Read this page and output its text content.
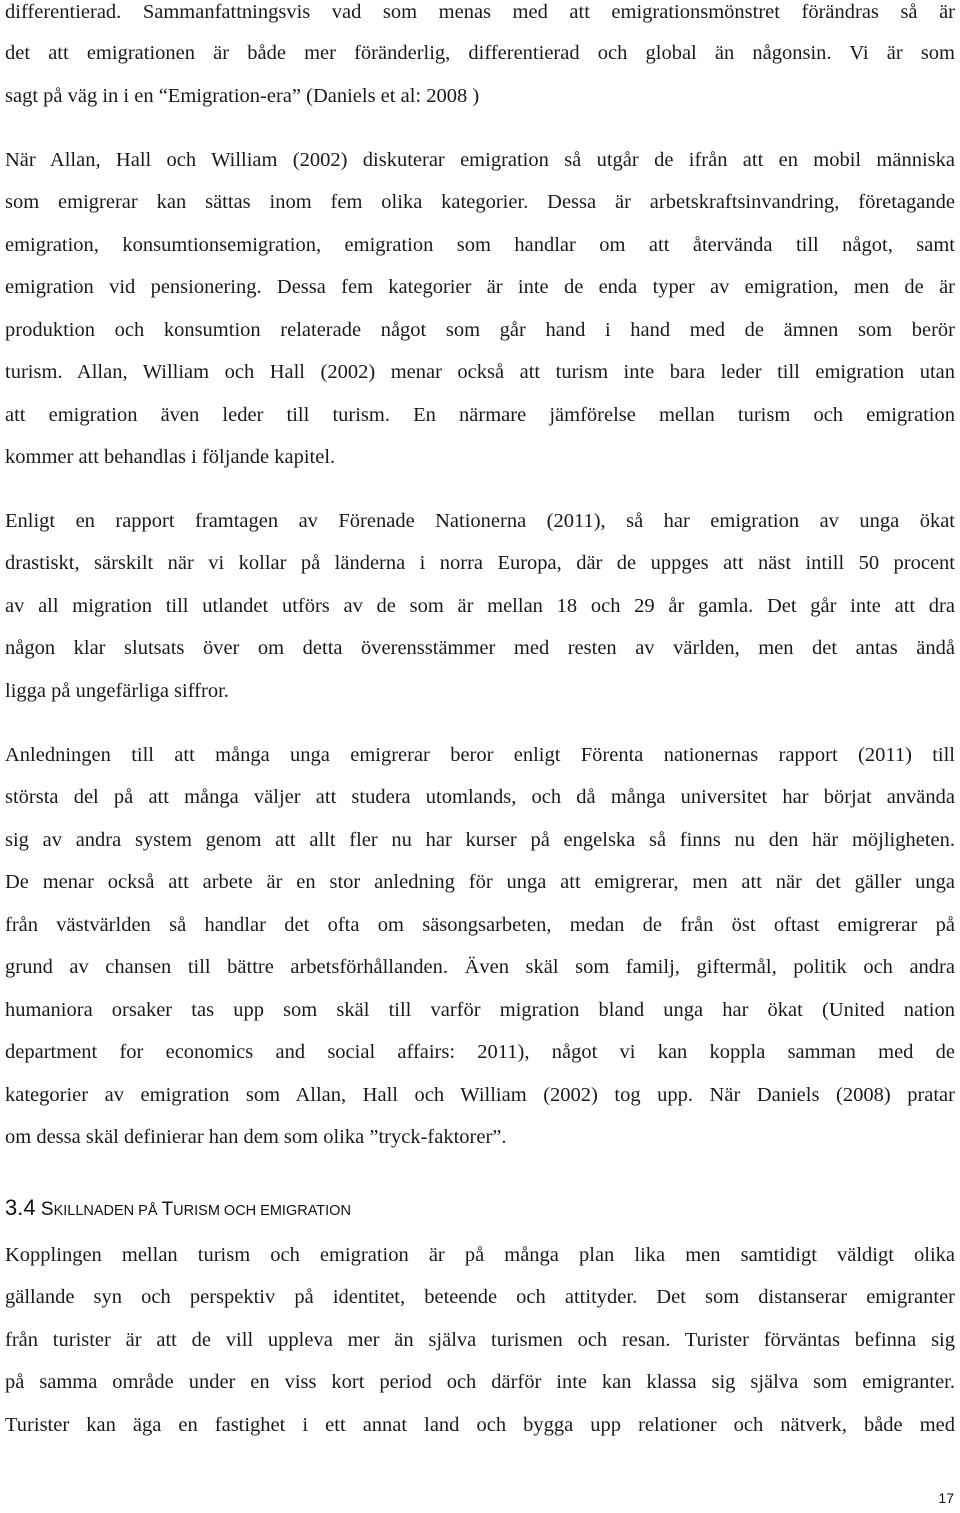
differentierad. Sammanfattningsvis vad som menas med att emigrationsmönstret förändras så är
det att emigrationen är både mer föränderlig, differentierad och global än någonsin. Vi är som
sagt på väg in i en “Emigration-era” (Daniels et al: 2008 )
När Allan, Hall och William (2002) diskuterar emigration så utgår de ifrån att en mobil människa
som emigrerar kan sättas inom fem olika kategorier. Dessa är arbetskraftsinvandring, företagande
emigration, konsumtionsemigration, emigration som handlar om att återvända till något, samt
emigration vid pensionering. Dessa fem kategorier är inte de enda typer av emigration, men de är
produktion och konsumtion relaterade något som går hand i hand med de ämnen som berör
turism. Allan, William och Hall (2002) menar också att turism inte bara leder till emigration utan
att emigration även leder till turism. En närmare jämförelse mellan turism och emigration
kommer att behandlas i följande kapitel.
Enligt en rapport framtagen av Förenade Nationerna (2011), så har emigration av unga ökat
drastiskt, särskilt när vi kollar på länderna i norra Europa, där de uppges att näst intill 50 procent
av all migration till utlandet utförs av de som är mellan 18 och 29 år gamla. Det går inte att dra
någon klar slutsats över om detta överensstämmer med resten av världen, men det antas ändå
ligga på ungefärliga siffror.
Anledningen till att många unga emigrerar beror enligt Förenta nationernas rapport (2011) till
största del på att många väljer att studera utomlands, och då många universitet har börjat använda
sig av andra system genom att allt fler nu har kurser på engelska så finns nu den här möjligheten.
De menar också att arbete är en stor anledning för unga att emigrerar, men att när det gäller unga
från västvärlden så handlar det ofta om säsongsarbeten, medan de från öst oftast emigrerar på
grund av chansen till bättre arbetsförhållanden. Även skäl som familj, giftermål, politik och andra
humaniora orsaker tas upp som skäl till varför migration bland unga har ökat (United nation
department for economics and social affairs: 2011), något vi kan koppla samman med de
kategorier av emigration som Allan, Hall och William (2002) tog upp. När Daniels (2008) pratar
om dessa skäl definierar han dem som olika ”tryck-faktorer”.
3.4 SKILLNADEN PÅ TURISM OCH EMIGRATION
Kopplingen mellan turism och emigration är på många plan lika men samtidigt väldigt olika
gällande syn och perspektiv på identitet, beteende och attityder. Det som distanserar emigranter
från turister är att de vill uppleva mer än själva turismen och resan. Turister förväntas befinna sig
på samma område under en viss kort period och därför inte kan klassa sig själva som emigranter.
Turister kan äga en fastighet i ett annat land och bygga upp relationer och nätverk, både med
17
